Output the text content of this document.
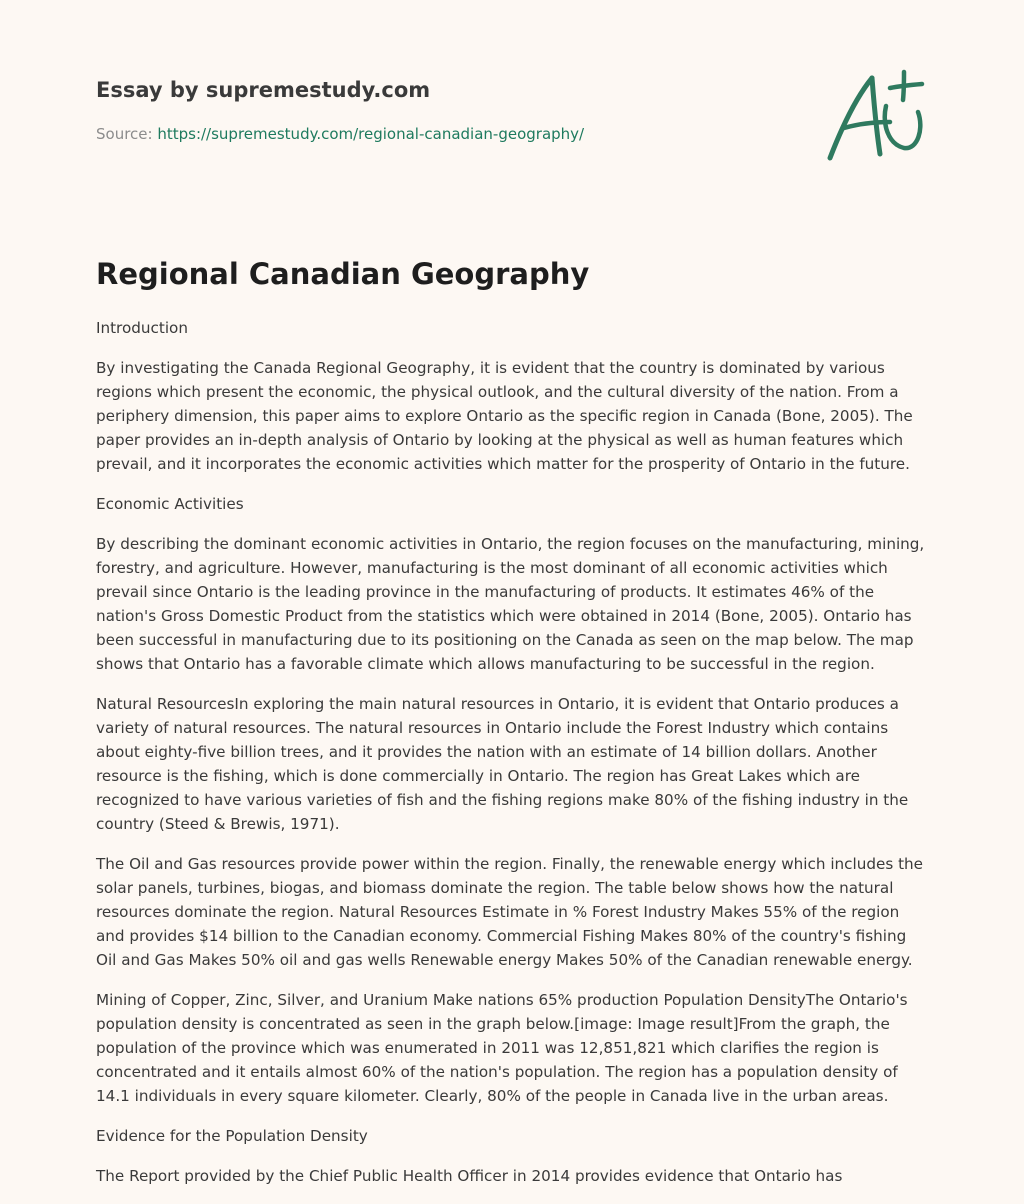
Essay by supremestudy.com
Source: https://supremestudy.com/regional-canadian-geography/
Regional Canadian Geography

Introduction

By investigating the Canada Regional Geography, it is evident that the country is dominated by various regions which present the economic, the physical outlook, and the cultural diversity of the nation. From a periphery dimension, this paper aims to explore Ontario as the specific region in Canada (Bone, 2005). The paper provides an in-depth analysis of Ontario by looking at the physical as well as human features which prevail, and it incorporates the economic activities which matter for the prosperity of Ontario in the future.

Economic Activities

By describing the dominant economic activities in Ontario, the region focuses on the manufacturing, mining, forestry, and agriculture. However, manufacturing is the most dominant of all economic activities which prevail since Ontario is the leading province in the manufacturing of products. It estimates 46% of the nation's Gross Domestic Product from the statistics which were obtained in 2014 (Bone, 2005). Ontario has been successful in manufacturing due to its positioning on the Canada as seen on the map below. The map shows that Ontario has a favorable climate which allows manufacturing to be successful in the region.

Natural ResourcesIn exploring the main natural resources in Ontario, it is evident that Ontario produces a variety of natural resources. The natural resources in Ontario include the Forest Industry which contains about eighty-five billion trees, and it provides the nation with an estimate of 14 billion dollars. Another resource is the fishing, which is done commercially in Ontario. The region has Great Lakes which are recognized to have various varieties of fish and the fishing regions make 80% of the fishing industry in the country (Steed & Brewis, 1971).

The Oil and Gas resources provide power within the region. Finally, the renewable energy which includes the solar panels, turbines, biogas, and biomass dominate the region. The table below shows how the natural resources dominate the region. Natural Resources Estimate in % Forest Industry Makes 55% of the region and provides $14 billion to the Canadian economy. Commercial Fishing Makes 80% of the country's fishing Oil and Gas Makes 50% oil and gas wells Renewable energy Makes 50% of the Canadian renewable energy.

Mining of Copper, Zinc, Silver, and Uranium Make nations 65% production Population DensityThe Ontario's population density is concentrated as seen in the graph below.[image: Image result]From the graph, the population of the province which was enumerated in 2011 was 12,851,821 which clarifies the region is concentrated and it entails almost 60% of the nation's population. The region has a population density of 14.1 individuals in every square kilometer. Clearly, 80% of the people in Canada live in the urban areas.

Evidence for the Population Density

The Report provided by the Chief Public Health Officer in 2014 provides evidence that Ontario has
